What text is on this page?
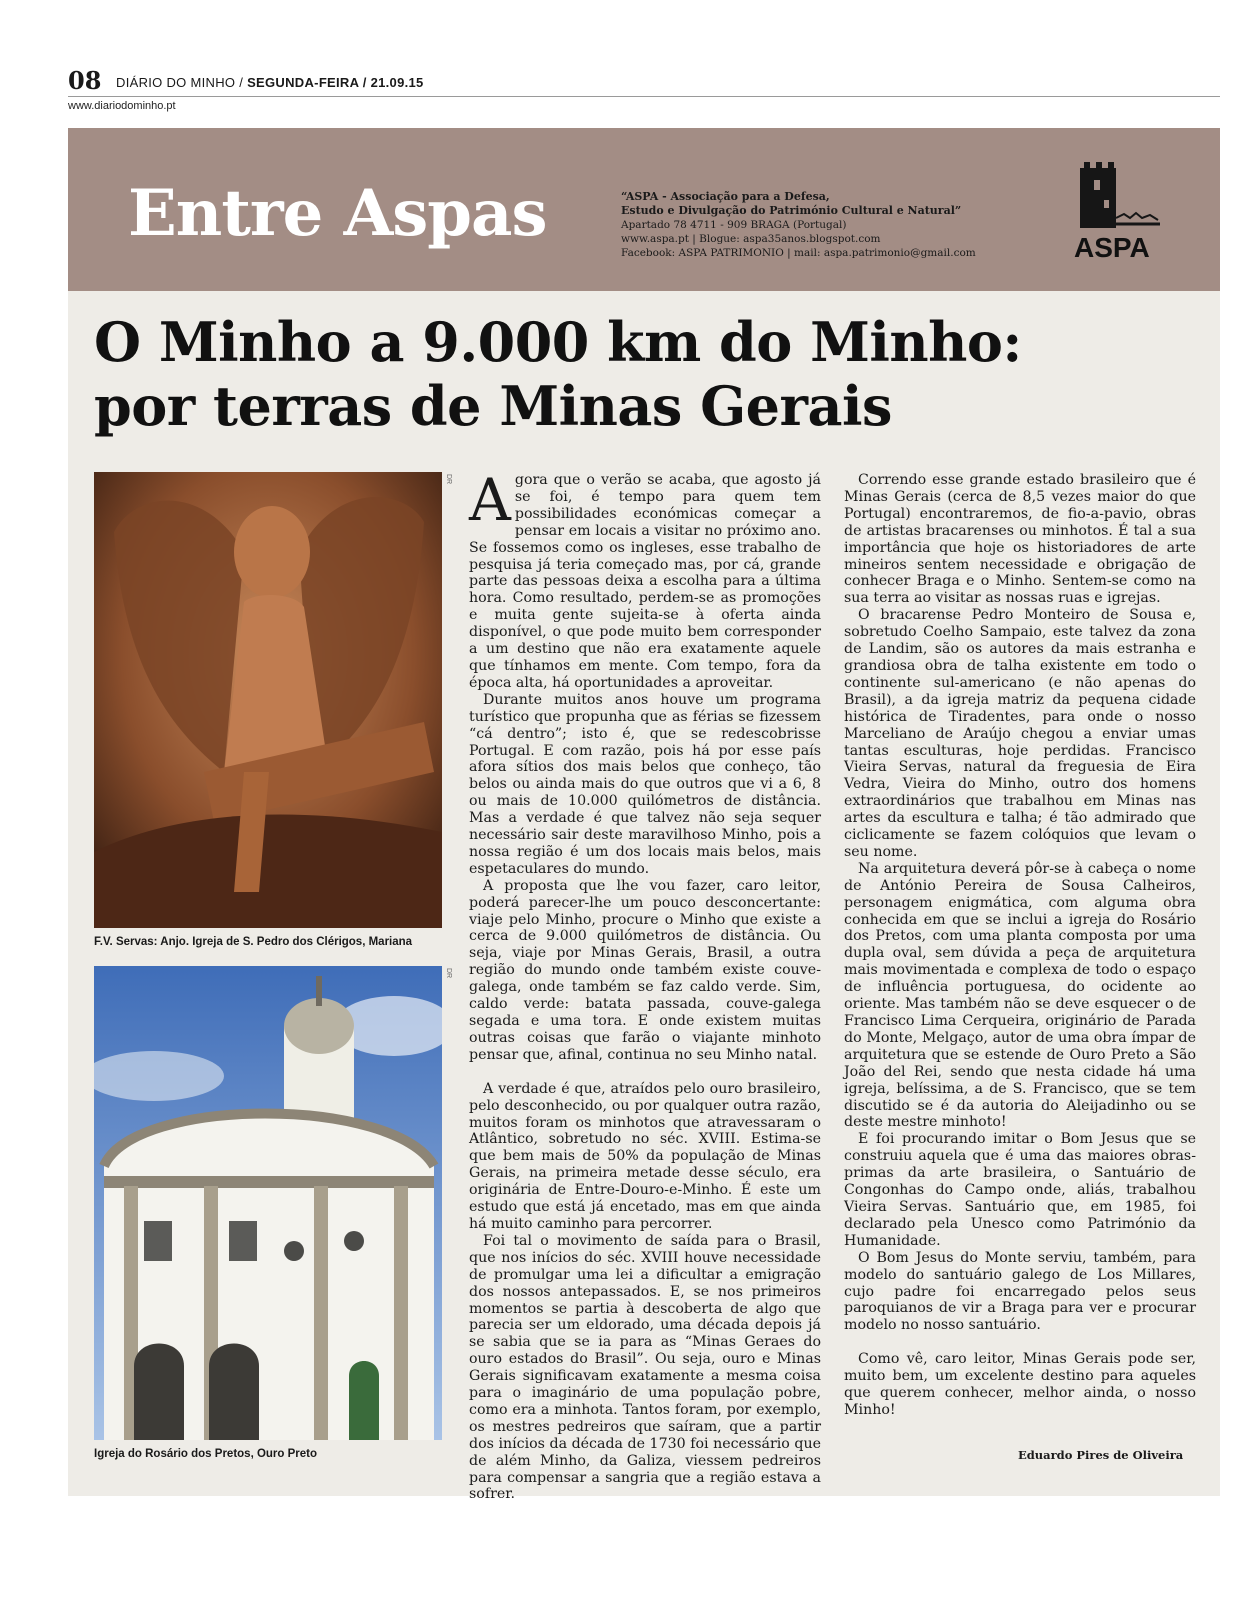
08 DIÁRIO DO MINHO / SEGUNDA-FEIRA / 21.09.15
www.diariodominho.pt
Entre Aspas	“ASPA - Associação para a Defesa,
Estudo e Divulgação do Património Cultural e Natural”
Apartado 78 4711 - 909 BRAGA (Portugal)
www.aspa.pt | Blogue: aspa35anos.blogspot.com
Facebook: ASPA PATRIMONIO | mail: aspa.patrimonio@gmail.com	ASPA
O Minho a 9.000 km do Minho:
por terras de Minas Gerais
DR
F.V. Servas: Anjo. Igreja de S. Pedro dos Clérigos, Mariana
DR
Igreja do Rosário dos Pretos, Ouro Preto

Agora que o verão se acaba, que agosto já se foi, é tempo para quem tem possibilidades económicas começar a pensar em locais a visitar no próximo ano. Se fossemos como os ingleses, esse trabalho de pesquisa já teria começado mas, por cá, grande parte das pessoas deixa a escolha para a última hora. Como resultado, perdem-se as promoções e muita gente sujeita-se à oferta ainda disponível, o que pode muito bem corresponder a um destino que não era exatamente aquele que tínhamos em mente. Com tempo, fora da época alta, há oportunidades a aproveitar.

Durante muitos anos houve um programa turístico que propunha que as férias se fizessem “cá dentro”; isto é, que se redescobrisse Portugal. E com razão, pois há por esse país afora sítios dos mais belos que conheço, tão belos ou ainda mais do que outros que vi a 6, 8 ou mais de 10.000 quilómetros de distância. Mas a verdade é que talvez não seja sequer necessário sair deste maravilhoso Minho, pois a nossa região é um dos locais mais belos, mais espetaculares do mundo.

A proposta que lhe vou fazer, caro leitor, poderá parecer-lhe um pouco desconcertante: viaje pelo Minho, procure o Minho que existe a cerca de 9.000 quilómetros de distância. Ou seja, viaje por Minas Gerais, Brasil, a outra região do mundo onde também existe couve-galega, onde também se faz caldo verde. Sim, caldo verde: batata passada, couve-galega segada e uma tora. E onde existem muitas outras coisas que farão o viajante minhoto pensar que, afinal, continua no seu Minho natal.

A verdade é que, atraídos pelo ouro brasileiro, pelo desconhecido, ou por qualquer outra razão, muitos foram os minhotos que atravessaram o Atlântico, sobretudo no séc. XVIII. Estima-se que bem mais de 50% da população de Minas Gerais, na primeira metade desse século, era originária de Entre-Douro-e-Minho. É este um estudo que está já encetado, mas em que ainda há muito caminho para percorrer.

Foi tal o movimento de saída para o Brasil, que nos inícios do séc. XVIII houve necessidade de promulgar uma lei a dificultar a emigração dos nossos antepassados. E, se nos primeiros momentos se partia à descoberta de algo que parecia ser um eldorado, uma década depois já se sabia que se ia para as “Minas Geraes do ouro estados do Brasil”. Ou seja, ouro e Minas Gerais significavam exatamente a mesma coisa para o imaginário de uma população pobre, como era a minhota. Tantos foram, por exemplo, os mestres pedreiros que saíram, que a partir dos inícios da década de 1730 foi necessário que de além Minho, da Galiza, viessem pedreiros para compensar a sangria que a região estava a sofrer.

Correndo esse grande estado brasileiro que é Minas Gerais (cerca de 8,5 vezes maior do que Portugal) encontraremos, de fio-a-pavio, obras de artistas bracarenses ou minhotos. É tal a sua importância que hoje os historiadores de arte mineiros sentem necessidade e obrigação de conhecer Braga e o Minho. Sentem-se como na sua terra ao visitar as nossas ruas e igrejas.

O bracarense Pedro Monteiro de Sousa e, sobretudo Coelho Sampaio, este talvez da zona de Landim, são os autores da mais estranha e grandiosa obra de talha existente em todo o continente sul-americano (e não apenas do Brasil), a da igreja matriz da pequena cidade histórica de Tiradentes, para onde o nosso Marceliano de Araújo chegou a enviar umas tantas esculturas, hoje perdidas. Francisco Vieira Servas, natural da freguesia de Eira Vedra, Vieira do Minho, outro dos homens extraordinários que trabalhou em Minas nas artes da escultura e talha; é tão admirado que ciclicamente se fazem colóquios que levam o seu nome.

Na arquitetura deverá pôr-se à cabeça o nome de António Pereira de Sousa Calheiros, personagem enigmática, com alguma obra conhecida em que se inclui a igreja do Rosário dos Pretos, com uma planta composta por uma dupla oval, sem dúvida a peça de arquitetura mais movimentada e complexa de todo o espaço de influência portuguesa, do ocidente ao oriente. Mas também não se deve esquecer o de Francisco Lima Cerqueira, originário de Parada do Monte, Melgaço, autor de uma obra ímpar de arquitetura que se estende de Ouro Preto a São João del Rei, sendo que nesta cidade há uma igreja, belíssima, a de S. Francisco, que se tem discutido se é da autoria do Aleijadinho ou se deste mestre minhoto!

E foi procurando imitar o Bom Jesus que se construiu aquela que é uma das maiores obras-primas da arte brasileira, o Santuário de Congonhas do Campo onde, aliás, trabalhou Vieira Servas. Santuário que, em 1985, foi declarado pela Unesco como Património da Humanidade.

O Bom Jesus do Monte serviu, também, para modelo do santuário galego de Los Millares, cujo padre foi encarregado pelos seus paroquianos de vir a Braga para ver e procurar modelo no nosso santuário.

Como vê, caro leitor, Minas Gerais pode ser, muito bem, um excelente destino para aqueles que querem conhecer, melhor ainda, o nosso Minho!

Eduardo Pires de Oliveira
